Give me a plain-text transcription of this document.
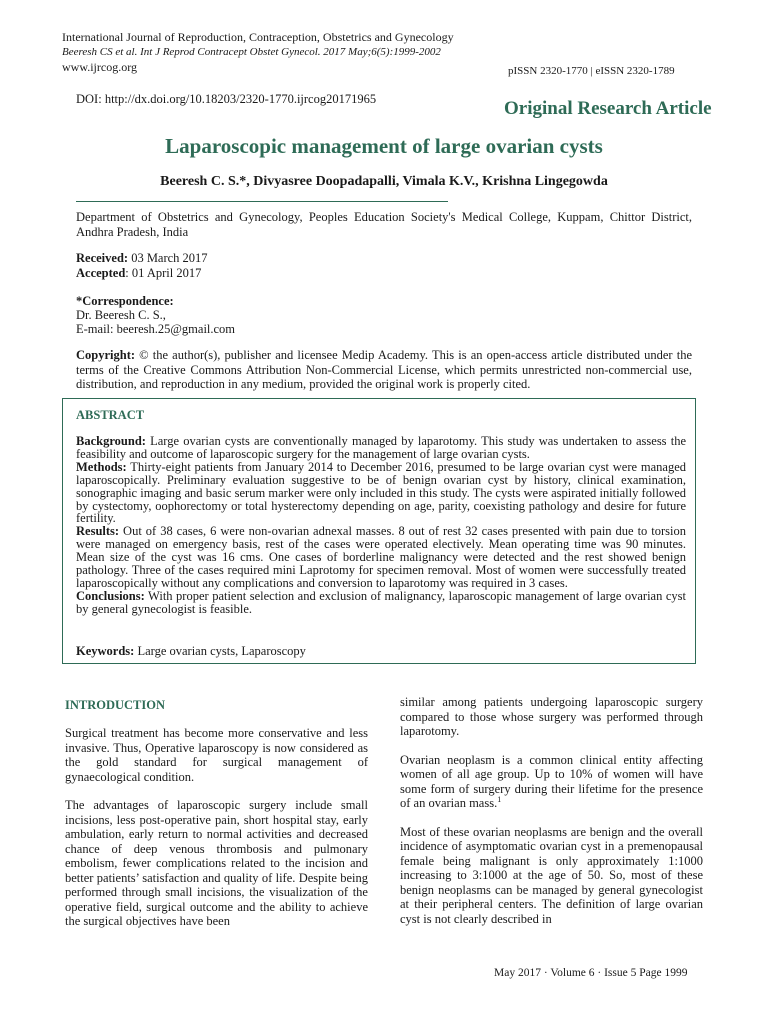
International Journal of Reproduction, Contraception, Obstetrics and Gynecology
Beeresh CS et al. Int J Reprod Contracept Obstet Gynecol. 2017 May;6(5):1999-2002
www.ijrcog.org	pISSN 2320-1770 | eISSN 2320-1789
DOI: http://dx.doi.org/10.18203/2320-1770.ijrcog20171965	Original Research Article
Laparoscopic management of large ovarian cysts
Beeresh C. S.*, Divyasree Doopadapalli, Vimala K.V., Krishna Lingegowda
Department of Obstetrics and Gynecology, Peoples Education Society's Medical College, Kuppam, Chittor District, Andhra Pradesh, India
Received: 03 March 2017
Accepted: 01 April 2017
*Correspondence:
Dr. Beeresh C. S.,
E-mail: beeresh.25@gmail.com
Copyright: © the author(s), publisher and licensee Medip Academy. This is an open-access article distributed under the terms of the Creative Commons Attribution Non-Commercial License, which permits unrestricted non-commercial use, distribution, and reproduction in any medium, provided the original work is properly cited.
ABSTRACT

Background: Large ovarian cysts are conventionally managed by laparotomy. This study was undertaken to assess the feasibility and outcome of laparoscopic surgery for the management of large ovarian cysts.

Methods: Thirty-eight patients from January 2014 to December 2016, presumed to be large ovarian cyst were managed laparoscopically. Preliminary evaluation suggestive to be of benign ovarian cyst by history, clinical examination, sonographic imaging and basic serum marker were only included in this study. The cysts were aspirated initially followed by cystectomy, oophorectomy or total hysterectomy depending on age, parity, coexisting pathology and desire for future fertility.

Results: Out of 38 cases, 6 were non-ovarian adnexal masses. 8 out of rest 32 cases presented with pain due to torsion were managed on emergency basis, rest of the cases were operated electively. Mean operating time was 90 minutes. Mean size of the cyst was 16 cms. One cases of borderline malignancy were detected and the rest showed benign pathology. Three of the cases required mini Laprotomy for specimen removal. Most of women were successfully treated laparoscopically without any complications and conversion to laparotomy was required in 3 cases.

Conclusions: With proper patient selection and exclusion of malignancy, laparoscopic management of large ovarian cyst by general gynecologist is feasible.

Keywords: Large ovarian cysts, Laparoscopy
INTRODUCTION

Surgical treatment has become more conservative and less invasive. Thus, Operative laparoscopy is now considered as the gold standard for surgical management of gynaecological condition.

The advantages of laparoscopic surgery include small incisions, less post-operative pain, short hospital stay, early ambulation, early return to normal activities and decreased chance of deep venous thrombosis and pulmonary embolism, fewer complications related to the incision and better patients’ satisfaction and quality of life. Despite being performed through small incisions, the visualization of the operative field, surgical outcome and the ability to achieve the surgical objectives have been

similar among patients undergoing laparoscopic surgery compared to those whose surgery was performed through laparotomy.

Ovarian neoplasm is a common clinical entity affecting women of all age group. Up to 10% of women will have some form of surgery during their lifetime for the presence of an ovarian mass.$^1$

Most of these ovarian neoplasms are benign and the overall incidence of asymptomatic ovarian cyst in a premenopausal female being malignant is only approximately 1:1000 increasing to 3:1000 at the age of 50. So, most of these benign neoplasms can be managed by general gynecologist at their peripheral centers. The definition of large ovarian cyst is not clearly described in

May 2017 · Volume 6 · Issue 5 Page 1999
